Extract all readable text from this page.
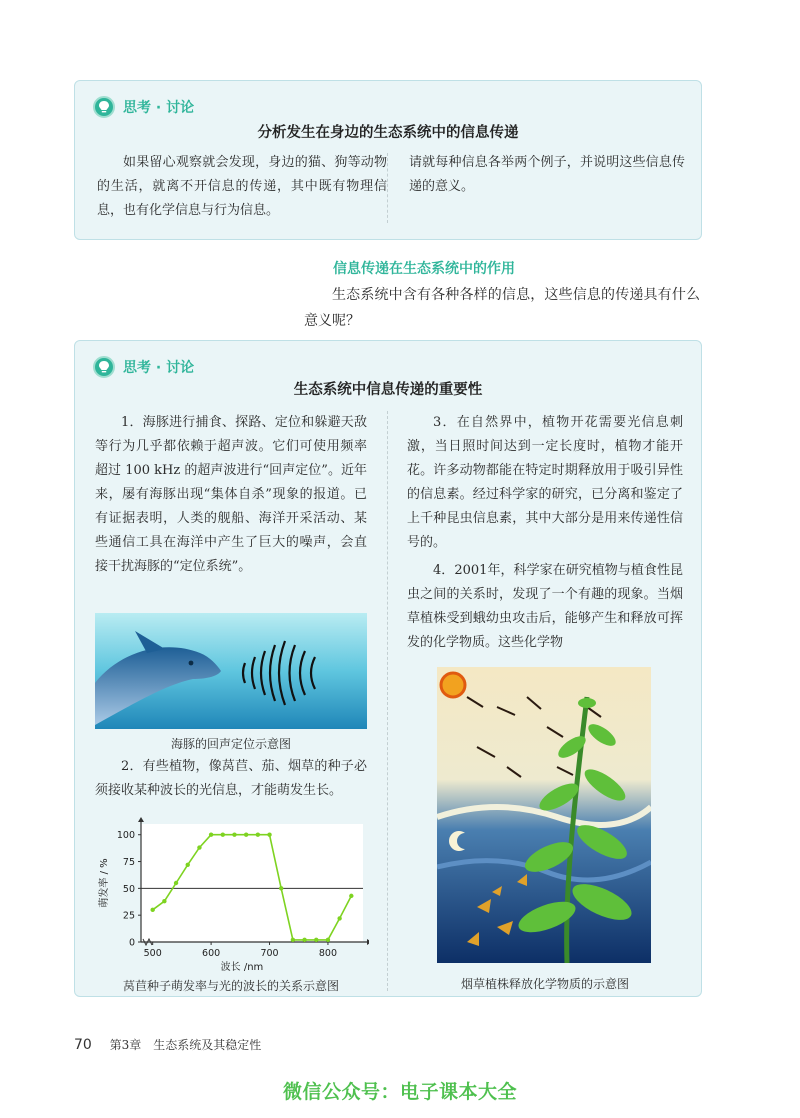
思考 · 讨论
分析发生在身边的生态系统中的信息传递

如果留心观察就会发现，身边的猫、狗等动物的生活，就离不开信息的传递，其中既有物理信息，也有化学信息与行为信息。

请就每种信息各举两个例子，并说明这些信息传递的意义。

信息传递在生态系统中的作用

生态系统中含有各种各样的信息，这些信息的传递具有什么意义呢？

思考 · 讨论
生态系统中信息传递的重要性

1．海豚进行捕食、探路、定位和躲避天敌等行为几乎都依赖于超声波。它们可使用频率超过 100 kHz 的超声波进行“回声定位”。近年来，屡有海豚出现“集体自杀”现象的报道。已有证据表明，人类的舰船、海洋开采活动、某些通信工具在海洋中产生了巨大的噪声，会直接干扰海豚的“定位系统”。

海豚的回声定位示意图

2．有些植物，像莴苣、茄、烟草的种子必须接收某种波长的光信息，才能萌发生长。

0
25
50
75
100
500	600	700	800
波长 /nm
萌发率 / %
莴苣种子萌发率与光的波长的关系示意图

3．在自然界中，植物开花需要光信息刺激，当日照时间达到一定长度时，植物才能开花。许多动物都能在特定时期释放用于吸引异性的信息素。经过科学家的研究，已分离和鉴定了上千种昆虫信息素，其中大部分是用来传递性信号的。

4．2001年，科学家在研究植物与植食性昆虫之间的关系时，发现了一个有趣的现象。当烟草植株受到蛾幼虫攻击后，能够产生和释放可挥发的化学物质。这些化学物

烟草植株释放化学物质的示意图
70 第3章　生态系统及其稳定性
微信公众号：电子课本大全
